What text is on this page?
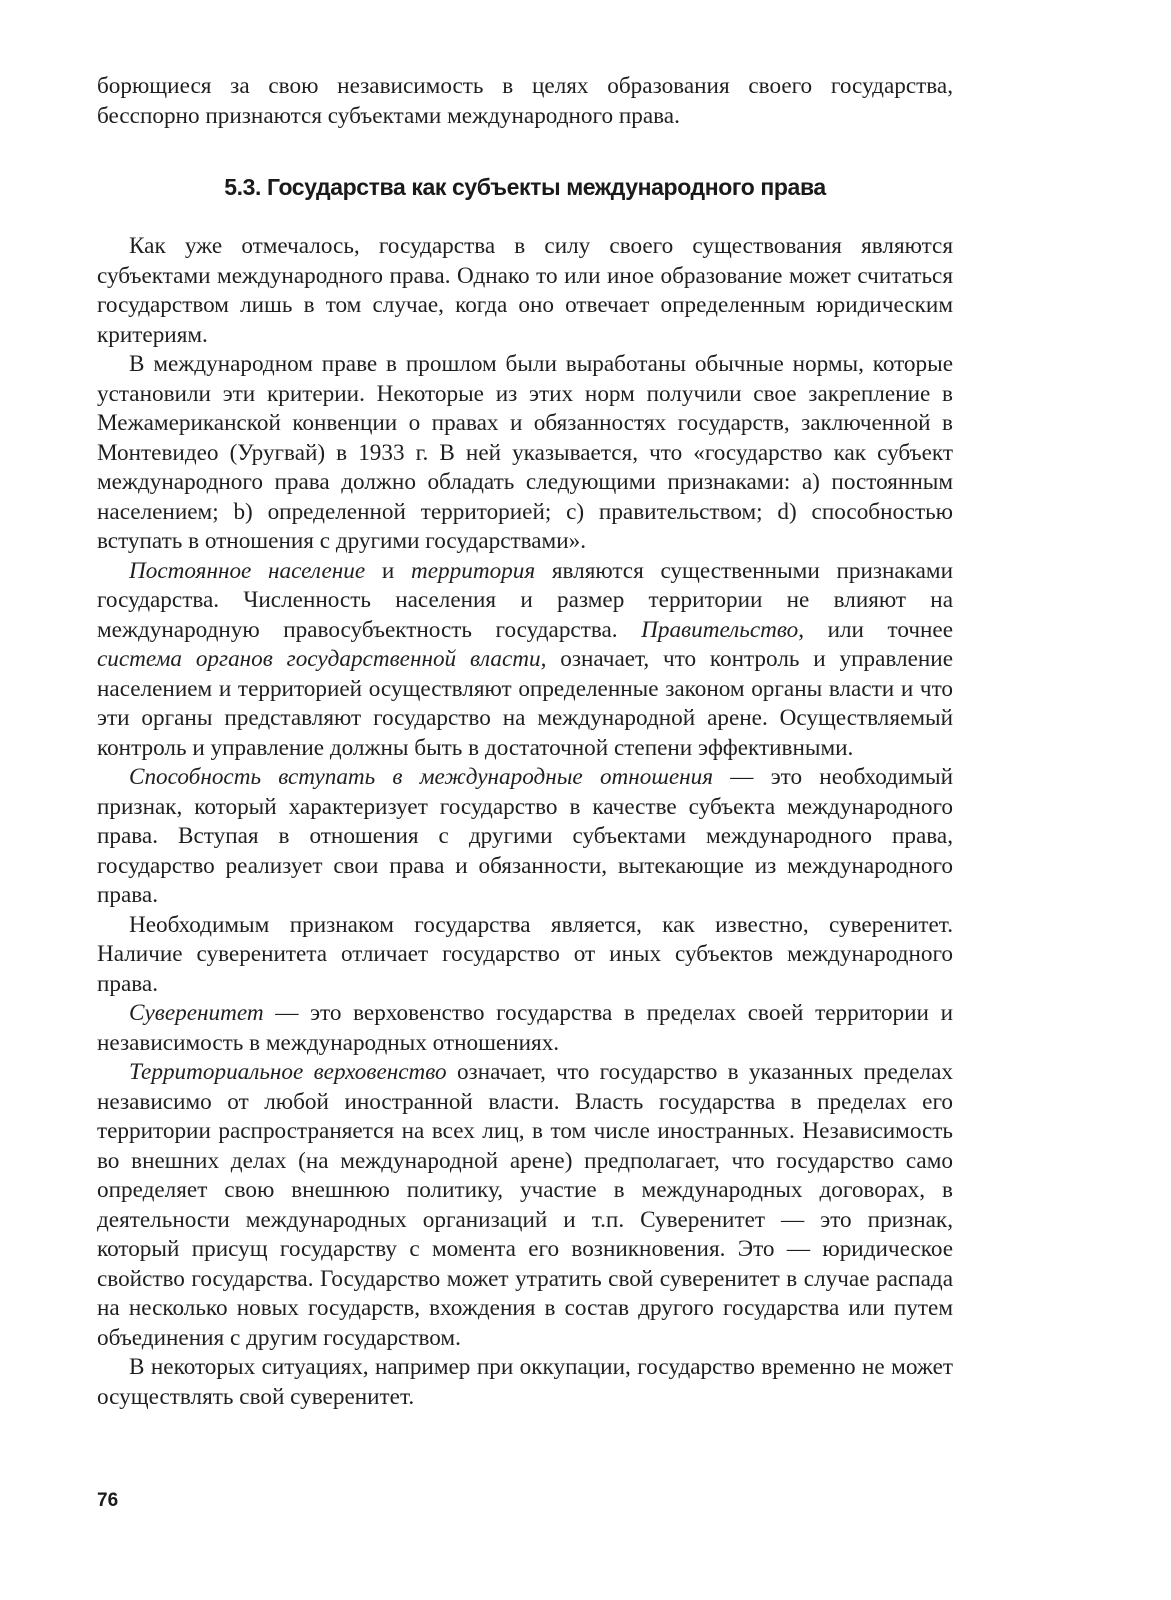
борющиеся за свою независимость в целях образования своего государства, бесспорно признаются субъектами международного права.

5.3. Государства как субъекты международного права

Как уже отмечалось, государства в силу своего существования являются субъектами международного права. Однако то или иное образование может считаться государством лишь в том случае, когда оно отвечает определенным юридическим критериям.

В международном праве в прошлом были выработаны обычные нормы, которые установили эти критерии. Некоторые из этих норм получили свое закрепление в Межамериканской конвенции о правах и обязанностях государств, заключенной в Монтевидео (Уругвай) в 1933 г. В ней указывается, что «государство как субъект международного права должно обладать следующими признаками: a) постоянным населением; b) определенной территорией; c) правительством; d) способностью вступать в отношения с другими государствами».

Постоянное население и территория являются существенными признаками государства. Численность населения и размер территории не влияют на международную правосубъектность государства. Правительство, или точнее система органов государственной власти, означает, что контроль и управление населением и территорией осуществляют определенные законом органы власти и что эти органы представляют государство на международной арене. Осуществляемый контроль и управление должны быть в достаточной степени эффективными.

Способность вступать в международные отношения — это необходимый признак, который характеризует государство в качестве субъекта международного права. Вступая в отношения с другими субъектами международного права, государство реализует свои права и обязанности, вытекающие из международного права.

Необходимым признаком государства является, как известно, суверенитет. Наличие суверенитета отличает государство от иных субъектов международного права.

Суверенитет — это верховенство государства в пределах своей территории и независимость в международных отношениях.

Территориальное верховенство означает, что государство в указанных пределах независимо от любой иностранной власти. Власть государства в пределах его территории распространяется на всех лиц, в том числе иностранных. Независимость во внешних делах (на международной арене) предполагает, что государство само определяет свою внешнюю политику, участие в международных договорах, в деятельности международных организаций и т.п. Суверенитет — это признак, который присущ государству с момента его возникновения. Это — юридическое свойство государства. Государство может утратить свой суверенитет в случае распада на несколько новых государств, вхождения в состав другого государства или путем объединения с другим государством.

В некоторых ситуациях, например при оккупации, государство временно не может осуществлять свой суверенитет.

76
